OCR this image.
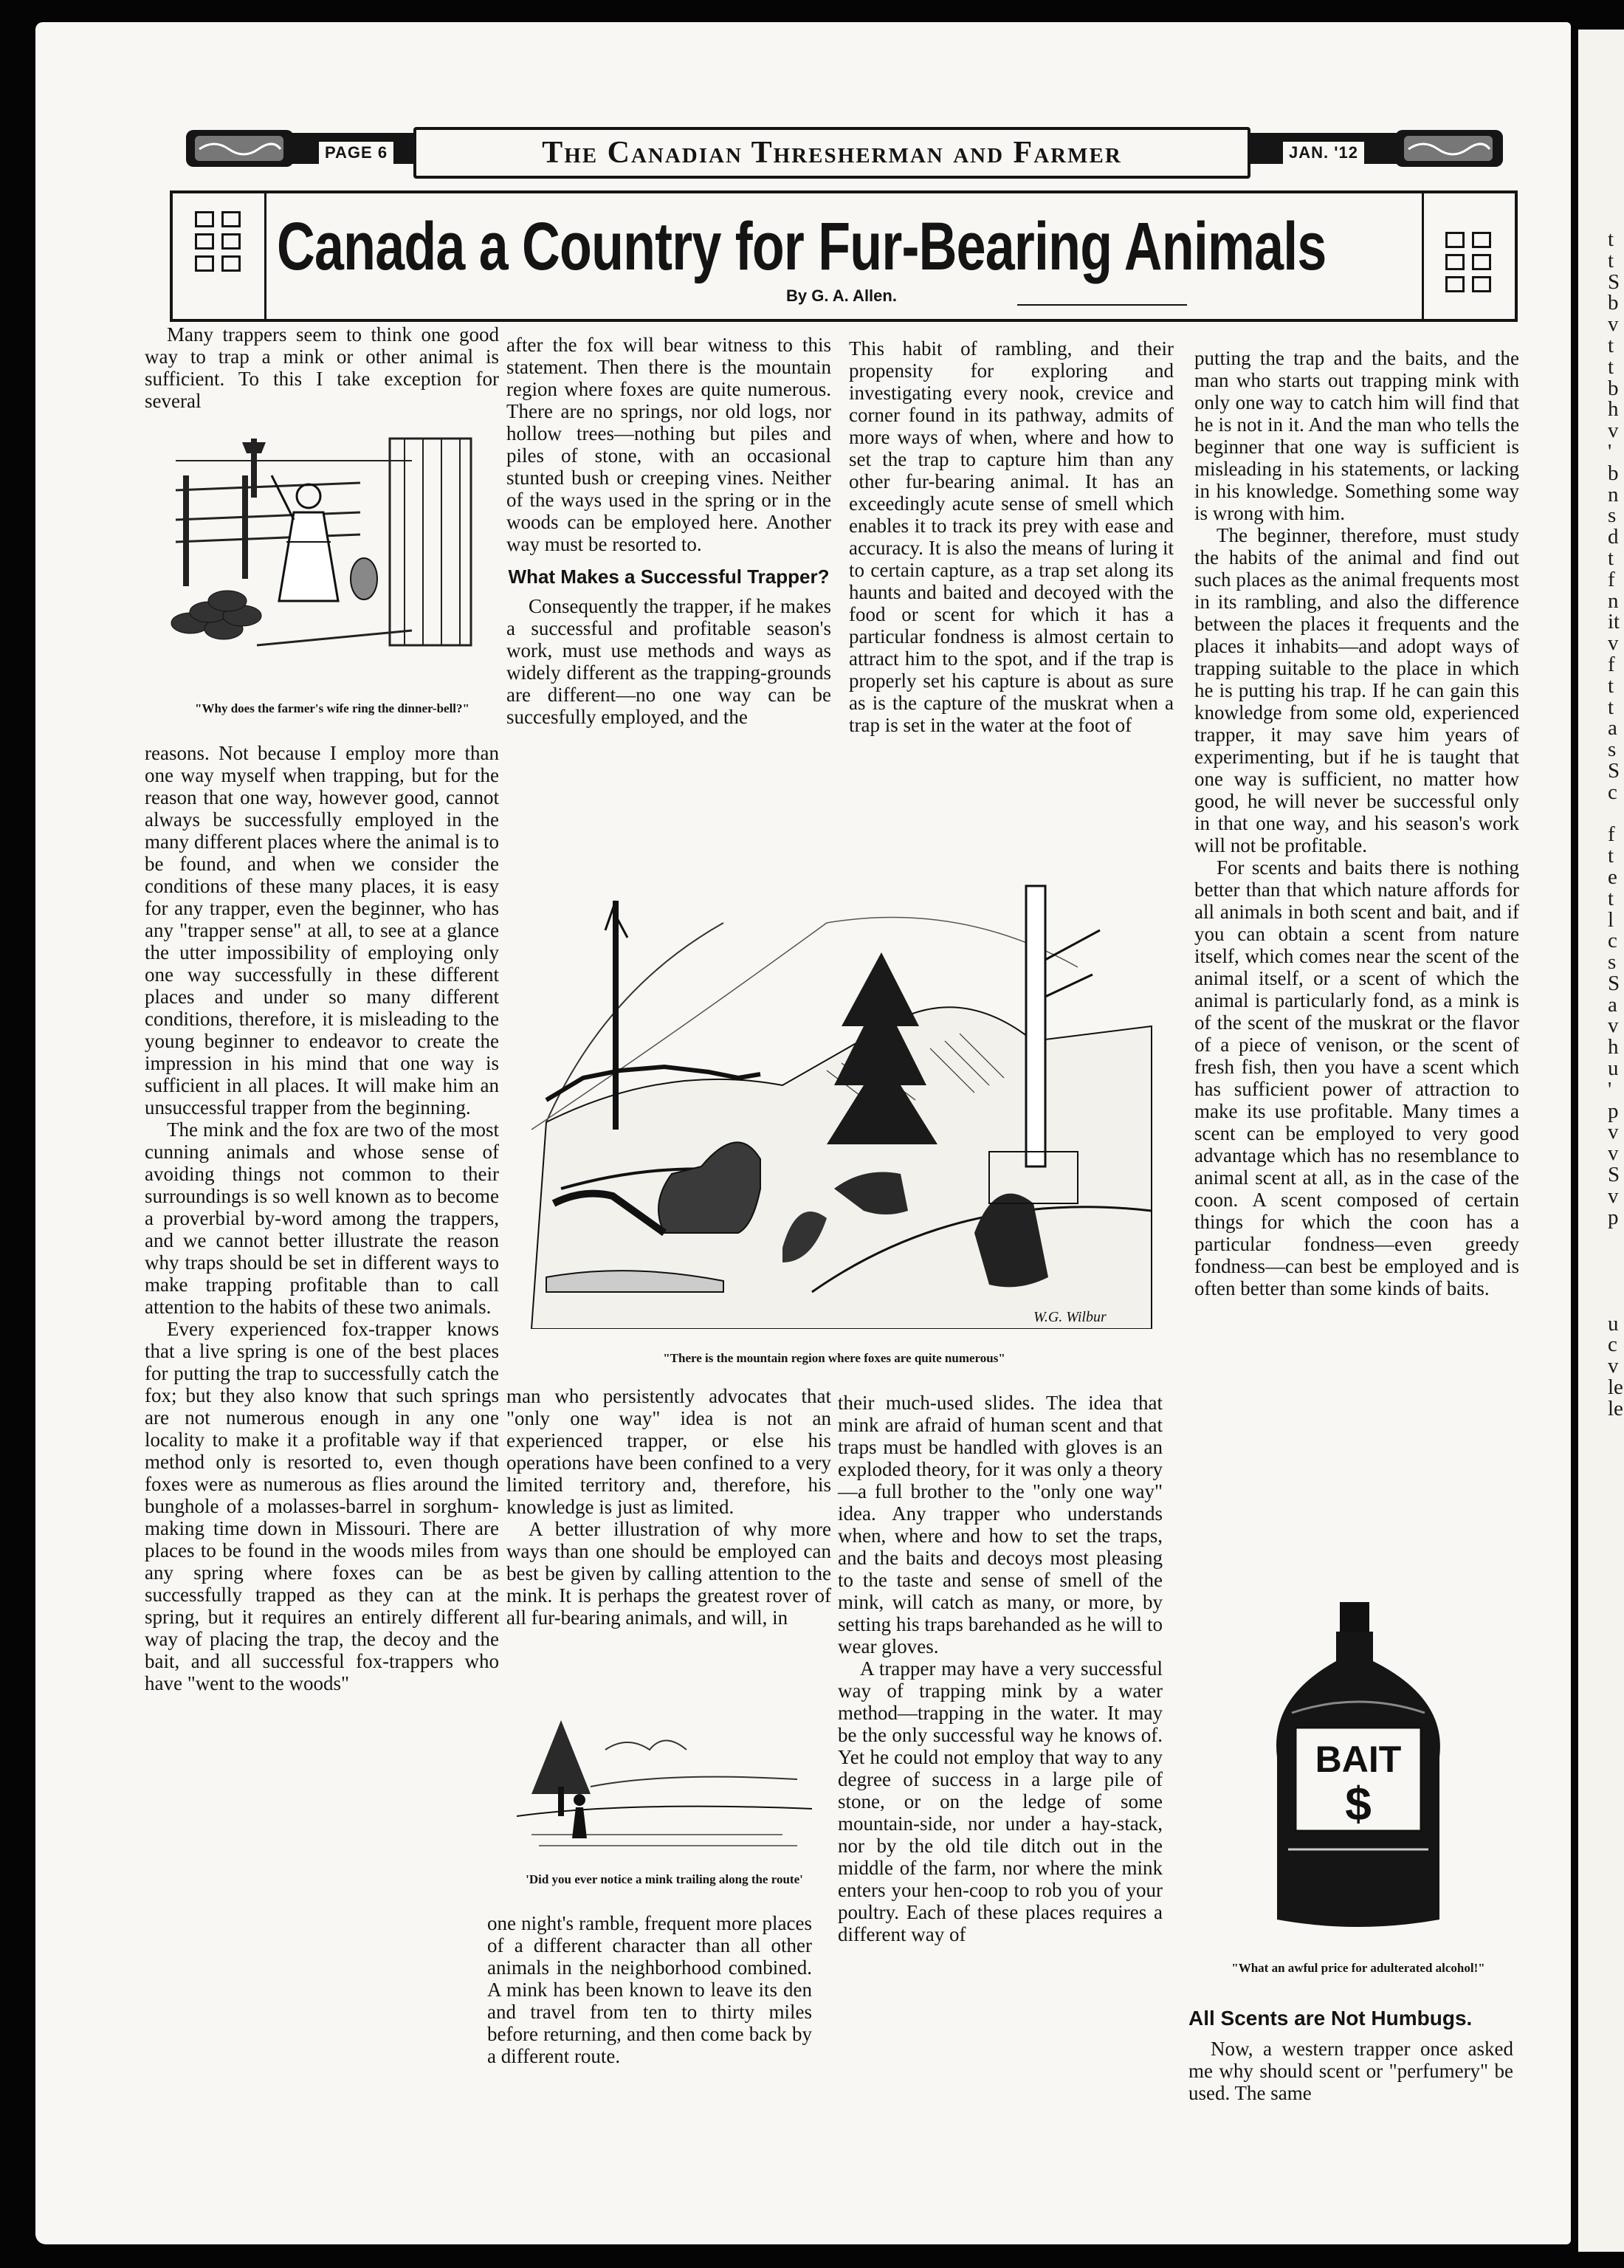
t
t
S
b
v
t
t
b
h
v
'
b
n
s
d
t
f
n
it
v
f
t
t
a
s
S
c

f
t
e
t
l
c
s
S
a
v
h
u
'
p
v
v
S
v
p

u
c
v
le
le
PAGE 6	The Canadian Thresherman and Farmer	JAN. '12
Canada a Country for Fur-Bearing Animals
By G. A. Allen.

Many trappers seem to think one good way to trap a mink or other animal is sufficient. To this I take exception for several

"Why does the farmer's wife ring the dinner-bell?"

reasons. Not because I employ more than one way myself when trapping, but for the reason that one way, however good, cannot always be successfully employed in the many different places where the animal is to be found, and when we consider the conditions of these many places, it is easy for any trapper, even the beginner, who has any "trapper sense" at all, to see at a glance the utter impossibility of employing only one way successfully in these different places and under so many different conditions, therefore, it is misleading to the young beginner to endeavor to create the impression in his mind that one way is sufficient in all places. It will make him an unsuccessful trapper from the beginning.

The mink and the fox are two of the most cunning animals and whose sense of avoiding things not common to their surroundings is so well known as to become a proverbial by-word among the trappers, and we cannot better illustrate the reason why traps should be set in different ways to make trapping profitable than to call attention to the habits of these two animals.

Every experienced fox-trapper knows that a live spring is one of the best places for putting the trap to successfully catch the fox; but they also know that such springs are not numerous enough in any one locality to make it a profitable way if that method only is resorted to, even though foxes were as numerous as flies around the bunghole of a molasses-barrel in sorghum-making time down in Missouri. There are places to be found in the woods miles from any spring where foxes can be as successfully trapped as they can at the spring, but it requires an entirely different way of placing the trap, the decoy and the bait, and all successful fox-trappers who have "went to the woods"

after the fox will bear witness to this statement. Then there is the mountain region where foxes are quite numerous. There are no springs, nor old logs, nor hollow trees—nothing but piles and piles of stone, with an occasional stunted bush or creeping vines. Neither of the ways used in the spring or in the woods can be employed here. Another way must be resorted to.

What Makes a Successful Trapper?

Consequently the trapper, if he makes a successful and profitable season's work, must use methods and ways as widely different as the trapping-grounds are different—no one way can be succesfully employed, and the

This habit of rambling, and their propensity for exploring and investigating every nook, crevice and corner found in its pathway, admits of more ways of when, where and how to set the trap to capture him than any other fur-bearing animal. It has an exceedingly acute sense of smell which enables it to track its prey with ease and accuracy. It is also the means of luring it to certain capture, as a trap set along its haunts and baited and decoyed with the food or scent for which it has a particular fondness is almost certain to attract him to the spot, and if the trap is properly set his capture is about as sure as is the capture of the muskrat when a trap is set in the water at the foot of

W.G. Wilbur
"There is the mountain region where foxes are quite numerous"

man who persistently advocates that "only one way" idea is not an experienced trapper, or else his operations have been confined to a very limited territory and, therefore, his knowledge is just as limited.

A better illustration of why more ways than one should be employed can best be given by calling attention to the mink. It is perhaps the greatest rover of all fur-bearing animals, and will, in

'Did you ever notice a mink trailing along the route'

one night's ramble, frequent more places of a different character than all other animals in the neighborhood combined. A mink has been known to leave its den and travel from ten to thirty miles before returning, and then come back by a different route.

their much-used slides. The idea that mink are afraid of human scent and that traps must be handled with gloves is an exploded theory, for it was only a theory—a full brother to the "only one way" idea. Any trapper who understands when, where and how to set the traps, and the baits and decoys most pleasing to the taste and sense of smell of the mink, will catch as many, or more, by setting his traps barehanded as he will to wear gloves.

A trapper may have a very successful way of trapping mink by a water method—trapping in the water. It may be the only successful way he knows of. Yet he could not employ that way to any degree of success in a large pile of stone, or on the ledge of some mountain-side, nor under a hay-stack, nor by the old tile ditch out in the middle of the farm, nor where the mink enters your hen-coop to rob you of your poultry. Each of these places requires a different way of

putting the trap and the baits, and the man who starts out trapping mink with only one way to catch him will find that he is not in it. And the man who tells the beginner that one way is sufficient is misleading in his statements, or lacking in his knowledge. Something some way is wrong with him.

The beginner, therefore, must study the habits of the animal and find out such places as the animal frequents most in its rambling, and also the difference between the places it frequents and the places it inhabits—and adopt ways of trapping suitable to the place in which he is putting his trap. If he can gain this knowledge from some old, experienced trapper, it may save him years of experimenting, but if he is taught that one way is sufficient, no matter how good, he will never be successful only in that one way, and his season's work will not be profitable.

For scents and baits there is nothing better than that which nature affords for all animals in both scent and bait, and if you can obtain a scent from nature itself, which comes near the scent of the animal itself, or a scent of which the animal is particularly fond, as a mink is of the scent of the muskrat or the flavor of a piece of venison, or the scent of fresh fish, then you have a scent which has sufficient power of attraction to make its use profitable. Many times a scent can be employed to very good advantage which has no resemblance to animal scent at all, as in the case of the coon. A scent composed of certain things for which the coon has a particular fondness—even greedy fondness—can best be employed and is often better than some kinds of baits.

BAIT
$
"What an awful price for adulterated alcohol!"
All Scents are Not Humbugs.

Now, a western trapper once asked me why should scent or "perfumery" be used. The same
